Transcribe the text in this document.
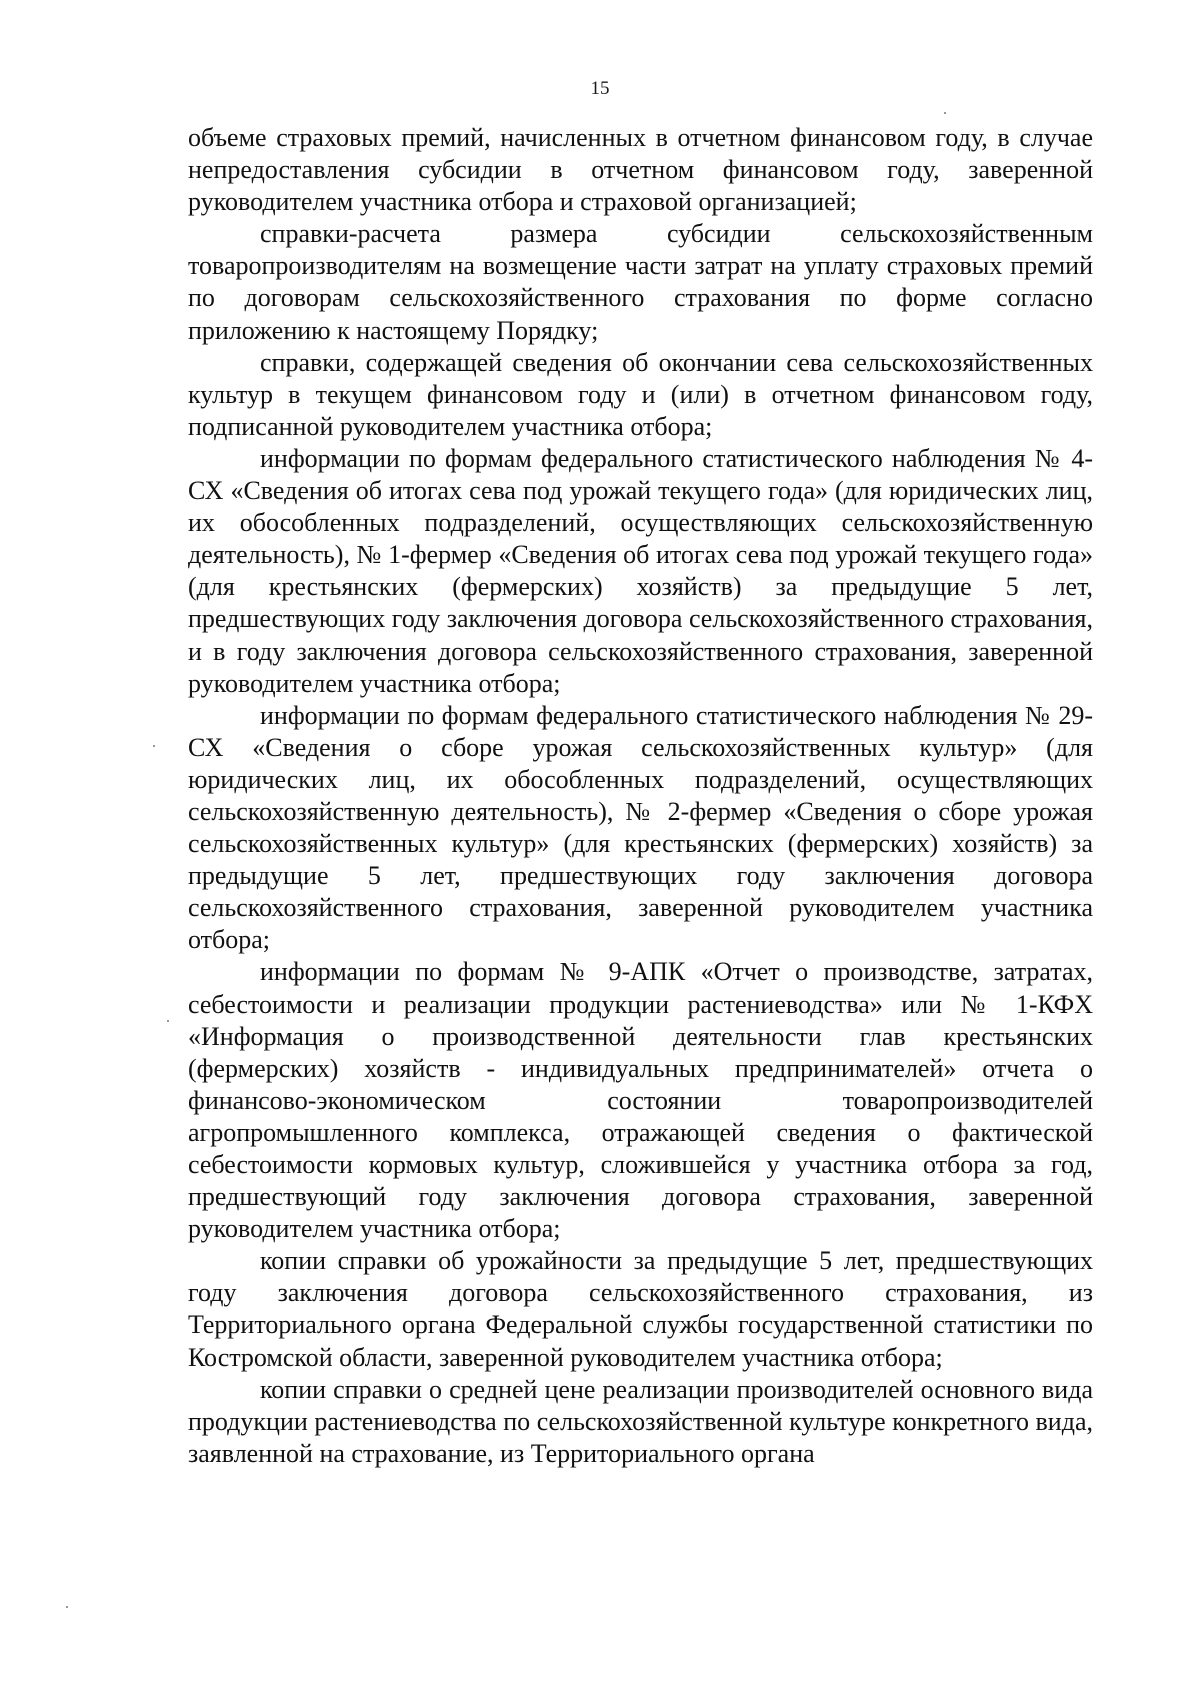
15

объеме страховых премий, начисленных в отчетном финансовом году, в случае непредоставления субсидии в отчетном финансовом году, заверенной руководителем участника отбора и страховой организацией;

справки-расчета размера субсидии сельскохозяйственным товаропроизводителям на возмещение части затрат на уплату страховых премий по договорам сельскохозяйственного страхования по форме согласно приложению к настоящему Порядку;

справки, содержащей сведения об окончании сева сельскохозяйственных культур в текущем финансовом году и (или) в отчетном финансовом году, подписанной руководителем участника отбора;

информации по формам федерального статистического наблюдения № 4-СХ «Сведения об итогах сева под урожай текущего года» (для юридических лиц, их обособленных подразделений, осуществляющих сельскохозяйственную деятельность), № 1-фермер «Сведения об итогах сева под урожай текущего года» (для крестьянских (фермерских) хозяйств) за предыдущие 5 лет, предшествующих году заключения договора сельскохозяйственного страхования, и в году заключения договора сельскохозяйственного страхования, заверенной руководителем участника отбора;

информации по формам федерального статистического наблюдения № 29-СХ «Сведения о сборе урожая сельскохозяйственных культур» (для юридических лиц, их обособленных подразделений, осуществляющих сельскохозяйственную деятельность), № 2-фермер «Сведения о сборе урожая сельскохозяйственных культур» (для крестьянских (фермерских) хозяйств) за предыдущие 5 лет, предшествующих году заключения договора сельскохозяйственного страхования, заверенной руководителем участника отбора;

информации по формам № 9-АПК «Отчет о производстве, затратах, себестоимости и реализации продукции растениеводства» или № 1-КФХ «Информация о производственной деятельности глав крестьянских (фермерских) хозяйств - индивидуальных предпринимателей» отчета о финансово-экономическом состоянии товаропроизводителей агропромышленного комплекса, отражающей сведения о фактической себестоимости кормовых культур, сложившейся у участника отбора за год, предшествующий году заключения договора страхования, заверенной руководителем участника отбора;

копии справки об урожайности за предыдущие 5 лет, предшествующих году заключения договора сельскохозяйственного страхования, из Территориального органа Федеральной службы государственной статистики по Костромской области, заверенной руководителем участника отбора;

копии справки о средней цене реализации производителей основного вида продукции растениеводства по сельскохозяйственной культуре конкретного вида, заявленной на страхование, из Территориального органа
